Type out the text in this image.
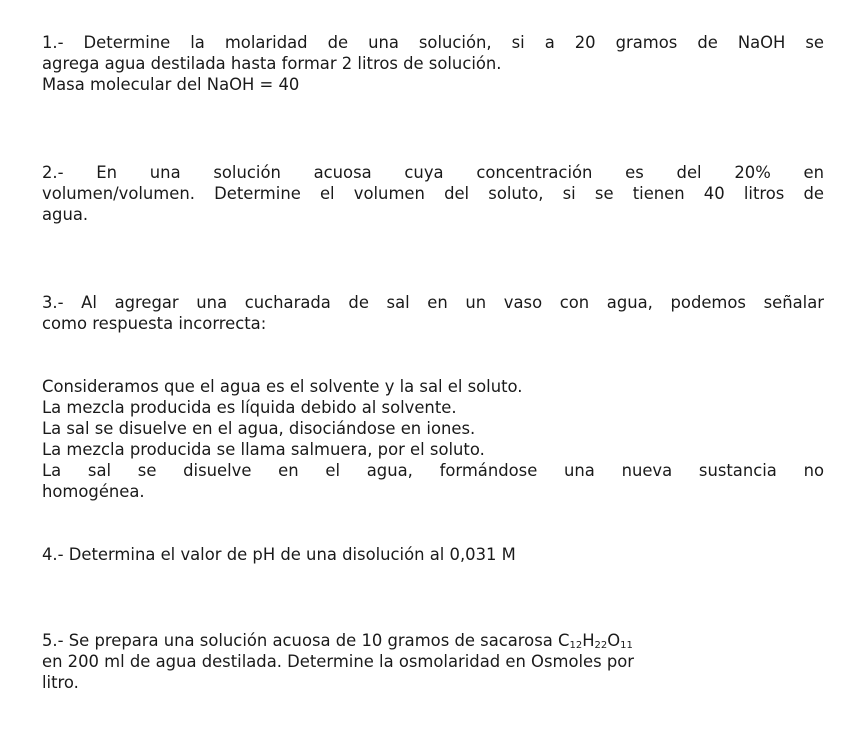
1.- Determine la molaridad de una solución, si a 20 gramos de NaOH se
agrega agua destilada hasta formar 2 litros de solución.
Masa molecular del NaOH = 40
2.- En una solución acuosa cuya concentración es del 20% en
volumen/volumen. Determine el volumen del soluto, si se tienen 40 litros de
agua.
3.- Al agregar una cucharada de sal en un vaso con agua, podemos señalar
como respuesta incorrecta:
Consideramos que el agua es el solvente y la sal el soluto.
La mezcla producida es líquida debido al solvente.
La sal se disuelve en el agua, disociándose en iones.
La mezcla producida se llama salmuera, por el soluto.
La sal se disuelve en el agua, formándose una nueva sustancia no
homogénea.
4.- Determina el valor de pH de una disolución al 0,031 M
5.- Se prepara una solución acuosa de 10 gramos de sacarosa $C_{12}H_{22}O_{11}$
en 200 ml de agua destilada. Determine la osmolaridad en Osmoles por
litro.
